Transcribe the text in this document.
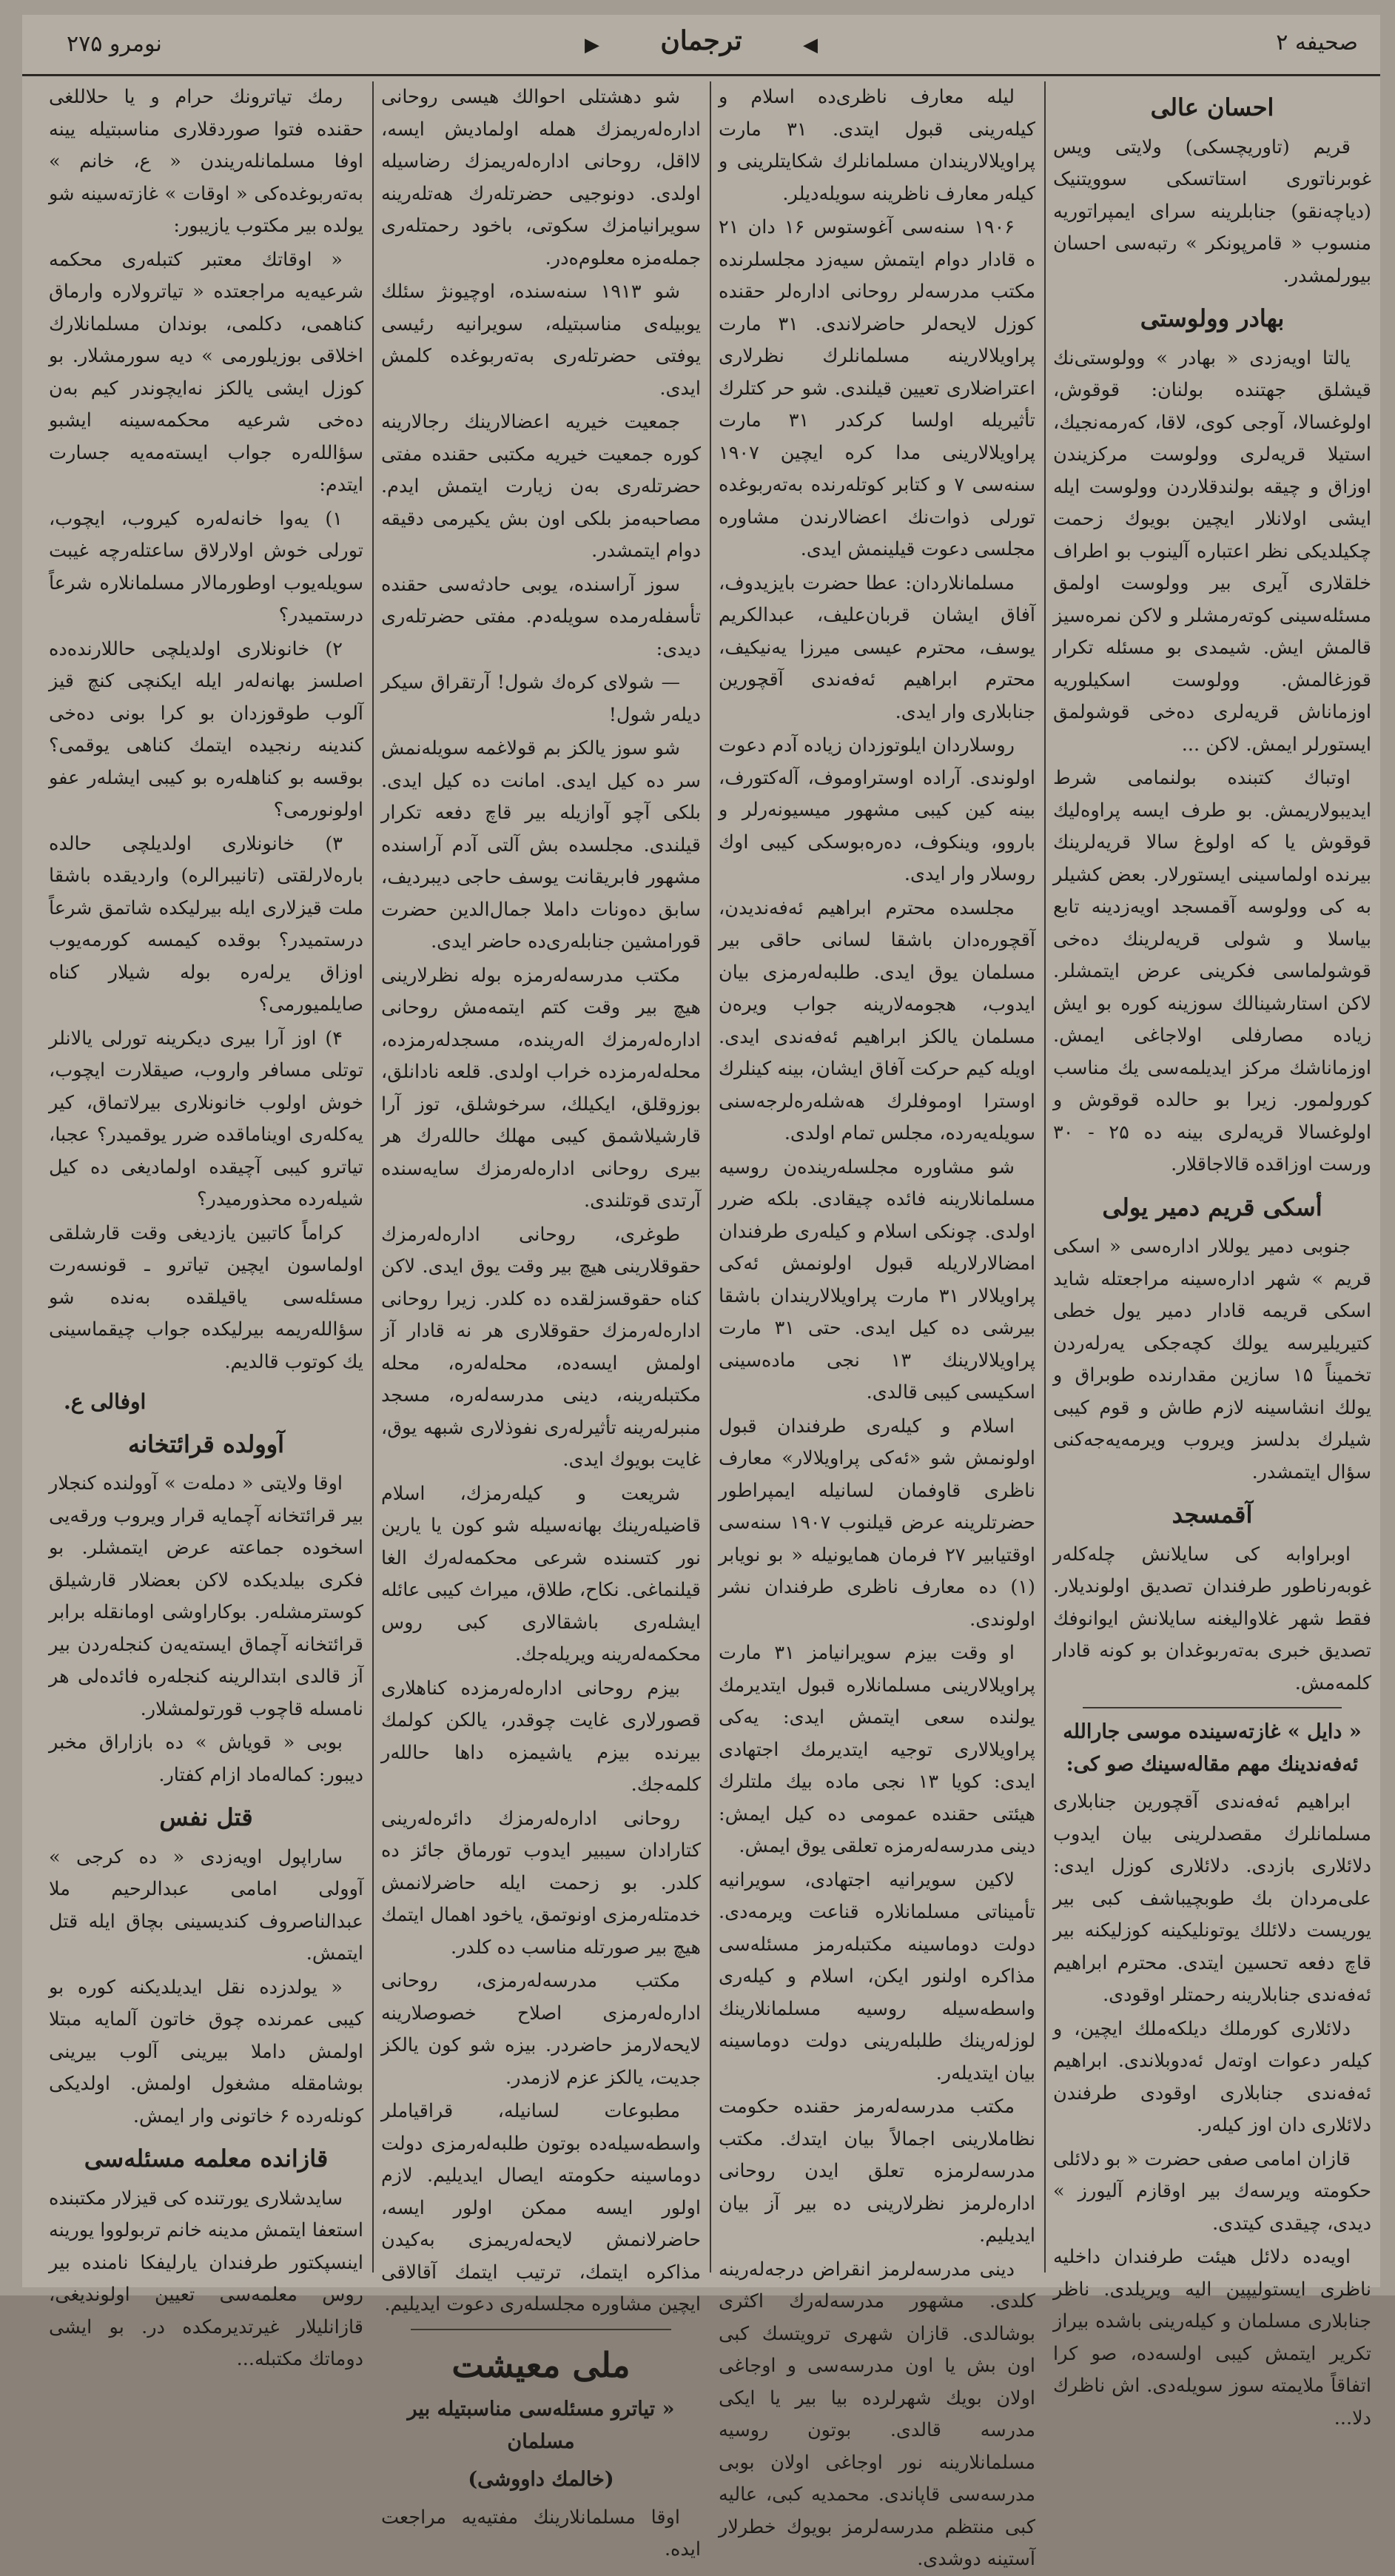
صحیفه ۲
◀
ترجمان
▶
نومرو ۲۷۵
احسان عالی

قریم (تاوریچسکی) ولایتی ویس غوبرناتوری استاتسکی سوویتنیک (دیاچەنقو) جنابلرینه سرای ایمپراتوریه منسوب « قامرپونکر » رتبه‌سی احسان بیورلمشدر.

بهادر وولوستی

یالتا اویه‌زدی « بهادر » وولوستی‌نك قیشلق جهتنده بولنان: قوقوش، اولوغسالا، آوجی کوی، لاقا، کەرمەنجیك، استیلا قریه‌لری وولوست مرکزیندن اوزاق و چیقه بولندقلاردن وولوست ایله ایشی اولانلار ایچین بویوك زحمت چکیلدیکی نظر اعتباره آلینوب بو اطراف خلقلاری آیری بیر وولوست اولمق مسئله‌سینی کوتەرمشلر و لاکن نمرەسیز قالمش ایش. شیمدی بو مسئله تکرار قوزغالمش. وولوست اسکیلوریه اوزماناش قریه‌لری دەخی قوشولمق ایستورلر ایمش. لاکن ...

اوتباك كتبنده بولنمامی شرط ایدیبولاریمش. بو طرف ایسه پراوەلیك قوقوش یا که اولوغ سالا قریه‌لرینك بیرنده اولماسینی ایستورلار. بعض کشیلر به کی وولوسه آقمسجد اویه‌زدینه تابع بیاسلا و شولی قریه‌لرینك دەخی قوشولماسی فکرینی عرض ایتمشلر. لاکن استارشینالك سوزینه کوره بو ایش زیاده مصارفلی اولاجاغی ایمش. اوزماناشك مرکز ایدیلمه‌سی یك مناسب کورولمور. زیرا بو حالده قوقوش و اولوغسالا قریه‌لری بینه ده ۲۵ - ۳۰ ورست اوزاقده قالاجاقلار.

أسکی قریم دمیر یولی

جنوبی دمیر یوللار اداره‌سی « اسکی قریم » شهر اداره‌سینه مراجعتله شاید اسکی قریمه قادار دمیر یول خطی کتیریلیرسه یولك کچه‌جکی یەرلەردن تخمیناً ۱۵ سازین مقدارنده طوبراق و یولك انشاسینه لازم طاش و قوم کیبی شیلرك بدلسز ویروب ویرمه‌یه‌جەکنی سؤال ایتمشدر.

آقمسجد

اوبراوابه كی سایلانش چلەکلەر غوبەرناطور طرفندان تصدیق اولوندیلار. فقط شهر غلاوالیغنه سایلانش ایوانوفك تصدیق خبری بەتەربوغدان بو کونه قادار کلمەمش.

« دایل » غازته‌سینده موسی جارالله ئەفەندینك مهم مقاله‌سینك صو کی:

ابراهیم ئەفەندی آقچورین جنابلاری مسلمانلرك مقصدلرینی بیان ایدوب دلائلاری بازدی. دلائلاری کوزل ایدی: علی‌مردان بك طوبچیباشف کبی بیر یوریست دلائلك یوتونلیکینه کوزلیکنه بیر قاچ دفعه تحسین ایتدی. محترم ابراهیم ئەفەندی جنابلارینه رحمتلر اوقودی.

دلائلاری کورملك دیلکەملك ایچین، و کیلەر دعوات اوتەل ئەدوبلاندی. ابراهیم ئەفەندی جنابلاری اوقودی طرفندن دلائلاری دان اوز کیلەر.

قازان امامی صفی حضرت « بو دلائلی حکومته ویرسەك بیر اوقازم آلیورز » دیدی، چیقدی کیتدی.

اویەده دلائل هیئت طرفندان داخلیه ناظری ایستولیپین الیه ویریلدی. ناظر جنابلاری مسلمان و کیلەرینی باشده بیراز تکریر ایتمش کیبی اولسه‌ده، صو کرا اتفاقاً ملایمته سوز سویلەدی. اش ناظرك دلا...

لیله معارف ناظری‌ده اسلام و کیلەرینی قبول ایتدی. ۳۱ مارت پراویلالاریندان مسلمانلرك شکایتلرینی و کیلەر معارف ناظرینه سویلەدیلر.

۱۹۰۶ سنه‌سی آغوستوس ۱۶ دان ۲۱ ه قادار دوام ایتمش سیەزد مجلسلرنده مکتب مدرسه‌لر روحانی اداره‌لر حقنده کوزل لایحەلر حاضرلاندی. ۳۱ مارت پراویلالارینه مسلمانلرك نظرلاری اعتراضلاری تعیین قیلندی. شو حر کتلرك تأثیریله اولسا کرکدر ۳۱ مارت پراویلالارینی مدا کره ایچین ۱۹۰۷ سنه‌سی ۷ و کتابر کوتلەرنده بەتەربوغدە تورلی ذوات‌نك اعضالارندن مشاوره مجلسی دعوت قیلینمش ایدی.

مسلمانلاردان: عطا حضرت بایزیدوف، آفاق ایشان قربان‌علیف، عبدالکریم یوسف، محترم عیسی میرزا یەنیکیف، محترم ابراهیم ئەفەندی آقچورین جنابلاری وار ایدی.

روسلاردان ایلوتوزدان زیاده آدم دعوت اولوندی. آراده اوستراوموف، آلەکتورف، بینه کین کیبی مشهور میسیونەرلر و باروو، وینکوف، دەرەبوسکی کیبی اوك روسلار وار ایدی.

مجلسده محترم ابراهیم ئەفەندیدن، آقچورەدان باشقا لسانی حاقی بیر مسلمان یوق ایدی. طلبەلەرمزی بیان ایدوب، هجومەلارینه جواب ویرەن مسلمان یالکز ابراهیم ئەفەندی ایدی. اویلە کیم حرکت آفاق ایشان، بینه کینلرك اوسترا اوموفلرك هەشلەر‌ەلرجەسنی سویلەیەرده، مجلس تمام اولدی.

شو مشاوره مجلسلەریندەن روسیه مسلمانلارینه فائده چیقادی. بلکه ضرر اولدی. چونکی اسلام و کیلەری طرفندان امضالارلاریله قبول اولونمش ئەکی پراویلالار ۳۱ مارت پراویلالاریندان باشقا بیرشی ده کیل ایدی. حتی ۳۱ مارت پراویلالارینك ۱۳ نجی مادەسینی اسکیسی کیبی قالدی.

اسلام و کیلەری طرفندان قبول اولونمش شو «ئەکی پراویلالار» معارف ناظری قاوفمان لسانیله ایمپراطور حضرتلرینه عرض قیلنوب ۱۹۰۷ سنه‌سی اوقتیابیر ۲۷ فرمان همایونیله « بو نویابر (۱) ده معارف ناظری طرفندان نشر اولوندی.

او وقت بیزم سویرانیامز ۳۱ مارت پراویلالارینی مسلمانلارە قبول ایتدیرمك یولنده سعی ایتمش ایدی: یەکی پراویلالاری توجیه ایتدیرمك اجتهادی ایدی: کویا ۱۳ نجی ماده بیك ملتلرك هیئتی حقنده عمومی ده کیل ایمش: دینی مدرسه‌لەرمزه تعلقی یوق ایمش.

لاکین سویرانیه اجتهادی، سویرانیه تأمیناتی مسلمانلارە قناعت ویرمەدی. دولت دوماسینه مکتبلەرمز مسئله‌سی مذاکره اولنور ایکن، اسلام و کیلەری واسطەسیله روسیه مسلمانلارینك لوزلەرینك طلبلەرینی دولت دوماسینه بیان ایتدیلەر.

مکتب مدرسه‌لەرمز حقنده حکومت نظاملارینی اجمالاً بیان ایتدك. مکتب مدرسه‌لرمزه تعلق ایدن روحانی اداره‌لرمز نظرلارینی ده بیر آز بیان ایدیلیم.

دینی مدرسه‌لرمز انقراض درجەلەرینه کلدی. مشهور مدرسه‌لەرك اکثری بوشالدی. قازان شهری ترویتسك کبی اون بش یا اون مدرسه‌سی و اوجاغی اولان بویك شهرلرده بیا بیر یا ایکی مدرسه قالدی. بوتون روسیه مسلمانلارینه نور اوجاغی اولان بوبی مدرسه‌سی قاپاندی. محمدیه کبی، عالیه کبی منتظم مدرسه‌لرمز بویوك خطرلار آستینه دوشدی.

شو دهشتلی احوالك هیسی روحانی اداره‌لەریمزك همله اولمادیش ایسه، لااقل، روحانی اداره‌لەریمزك رضاسیله اولدی. دونوجیی حضرتلەرك هەتلەرینه سویرانیامزك سکوتی، باخود رحمتلەری جملەمزه معلوم‌ەدر.

شو ۱۹۱۳ سنه‌سنده، اوچیونژ سئلك یوبیلەی مناسبتیله، سویرانیه رئیسی یوفتی حضرتلەری بەتەربوغدە کلمش ایدی.

جمعیت خیریه اعضالارینك رجالارینه کوره جمعیت خیریه مکتبی حقنده مفتی حضرتلەری بەن زیارت ایتمش ایدم. مصاحبه‌مز بلکی اون بش یکیرمی دقیقه دوام ایتمشدر.

سوز آراسنده، یوبی حادثه‌سی حقنده تأسفلەرمده سویلەدم. مفتی حضرتلەری دیدی:

— شولای کرەك شول! آرتقراق سیکر دیلەر شول!

شو سوز یالکز بم قولاغمه سویلەنمش سر ده کیل ایدی. امانت ده کیل ایدی. بلکی آچو آوازیله بیر قاچ دفعه تکرار قیلندی. مجلسده بش آلتی آدم آراسنده مشهور فابریقانت یوسف حاجی دیبردیف، سابق دەونات داملا جمال‌الدین حضرت قورامشین جنابلەری‌ده حاضر ایدی.

مکتب مدرسه‌لەرمزه بوله نظرلارینی هیچ بیر وقت کتم ایتمەمش روحانی اداره‌لەرمزك الەرینده، مسجدلەرمزده، محله‌لەرمزده خراب اولدی. قلعه نادانلق، بوزوقلق، ایکیلك، سرخوشلق، توز آرا قارشیلاشمق کیبی مهلك حاللەرك هر بیری روحانی اداره‌لەرمزك سایه‌سنده آرتدی قوتلندی.

طوغری، روحانی اداره‌لەرمزك حقوقلارینی هیچ بیر وقت یوق ایدی. لاکن کناه حقوقسزلقده ده کلدر. زیرا روحانی اداره‌لەرمزك حقوقلاری هر نه قادار آز اولمش ایسەده، محله‌لەره، محله مکتبلەرینه، دینی مدرسه‌لەره، مسجد منبرلەرینه تأثیرلەری نفوذلاری شبهه یوق، غایت بویوك ایدی.

شریعت و کیلەرمزك، اسلام قاضیلەرینك بهانه‌سیله شو کون یا یارین نور کتسنده شرعی محکمەلەرك الغا قیلنماغی. نکاح، طلاق، میراث کیبی عائله ایشلەری باشقالاری کبی روس محکمەلەرینه ویریلەجك.

بیزم روحانی اداره‌لەرمزده کناهلاری قصورلاری غایت چوقدر، یالکن کولمك بیرنده بیزم یاشیمزه داها حاللەر کلمەجك.

روحانی اداره‌لەرمزك دائرەلەرینی کتارادان سیبیر ایدوب تورماق جائز ده کلدر. بو زحمت ایله حاضرلانمش خدمتلەرمزی اونوتمق، یاخود اهمال ایتمك هیچ بیر صورتله مناسب ده کلدر.

مکتب مدرسه‌لەرمزی، روحانی اداره‌لەرمزی اصلاح خصوصلارینه لایحەلارمز حاضردر. بیزه شو کون یالکز جدیت، یالکز عزم لازمدر.

مطبوعات لسانیله، قراقیاملر واسطه‌سیله‌ده بوتون طلبەلەرمزی دولت دوماسینه حکومته ایصال ایدیلیم. لازم اولور ایسه ممکن اولور ایسه، حاضرلانمش لایحەلەریمزی بەکیدن مذاکره ایتمك، ترتیب ایتمك آقالاقی ایچین مشاوره مجلسلەری دعوت ایدیلیم.

ملی معیشت
« تیاترو مسئله‌سی مناسبتیله بیر مسلمان
(خالمك داووشی)

اوقا مسلمانلارینك مفتیه‌یه مراجعت ایده.

رمك تیاترونك حرام و یا حلاللغی حقنده فتوا صوردقلاری مناسبتیله یینه اوفا مسلمانلەریندن « ع، خانم » بەتەربوغده‌کی « اوقات » غازته‌سینه شو یولده بیر مکتوب یازیبور:

« اوقاتك معتبر کتبلەری محکمه شرعیه‌یه مراجعتده « تیاترولاره وارماق کناهمی، دکلمی، بوندان مسلمانلارك اخلاقی بوزیلورمی » دیه سورمشلار. بو کوزل ایشی یالکز نه‌ایچوندر کیم بەن دەخی شرعیه محکمەسینه ایشبو سؤاللەره جواب ایستەمه‌یه جسارت ایتدم:

۱) یەوا خانەلەره کیروب، ایچوب، تورلی خوش اولارلاق ساعتلەرچه غیبت سویلەیوب اوطورمالار مسلمانلاره شرعاً درستمیدر؟

۲) خانونلاری اولدیلچی حاللارنده‌ده اصلسز بهانەلەر ایله ایکنچی کنچ قیز آلوب طوقوزدان بو کرا بونی دەخی کندینه رنجیده ایتمك کناهی یوقمی؟ بوقسه بو کناهلەره بو کیبی ایشلەر عفو اولونورمی؟

۳) خانونلاری اولدیلچی حالده بارەلارلقتی (تانیبرالره) واردیقده باشقا ملت قیزلاری ایله بیرلیکده شاتمق شرعاً درستمیدر؟ بوقده کیمسه کورمه‌یوب اوزاق یرلەره بوله شیلار کناه صایلمیورمی؟

۴) اوز آرا بیری دیکرینه تورلی یالانلر توتلی مسافر واروب، صیقلارت ایچوب، خوش اولوب خانونلاری بیرلاتماق، کیر یەکلەری اویناماقده ضرر یوقمیدر؟ عجبا، تیاترو کیبی آچیقده اولمادیغی ده کیل شیلەر‌ده محذورمیدر؟

کراماً کاتبین یازدیغی وقت قارشلقی اولماسون ایچین تیاترو ـ قونسەرت مسئله‌سی یاقیلقده بەنده شو سؤاللەریمه بیرلیکده جواب چیقماسینی یك کوتوب قالدیم.

اوفالی ع.
آوولده قرائتخانه

اوقا ولایتی « دملەت » آوولنده کنجلار بیر قرائتخانه آچمایه قرار ویروب ورقه‌یی اسخوده جماعته عرض ایتمشلر. بو فکری بیلدیکده لاکن بعضلار قارشیلق کوسترمشلەر. بوکاراوشی اومانقله برابر قرائتخانه آچماق ایستەیەن کنجلەردن بیر آز قالدی ابتدالرینه کنجلەره فائده‌لی هر نامسله قاچوب قورتولمشلار.

بوبی « قویاش » ده بازاراق مخبر دیبور: کماله‌ماد ازام کفتار.

قتل نفس

ساراپول اویه‌زدی « ده کرجی » آوولی امامی عبدالرحیم ملا عبدالناصروف کندیسینی بچاق ایله قتل ایتمش.

« یولدزده نقل ایدیلدیکنه کوره بو کیبی عمرنده چوق خاتون آلمایه مبتلا اولمش داملا بیرینی آلوب بیرینی بوشامقله مشغول اولمش. اولدیکی کونلەرده ۶ خاتونی وار ایمش.

قازانده معلمه مسئله‌سی

سایدشلاری یورتنده کی قیزلار مکتبنده استعفا ایتمش مدینه خانم تربولووا یورینه اینسپکتور طرفندان یارلیفکا نامنده بیر روس معلمه‌سی تعیین اولوندیغی، قازانلیلار غیرتدیرمکده در. بو ایشی دوماتك مکتبلە...
